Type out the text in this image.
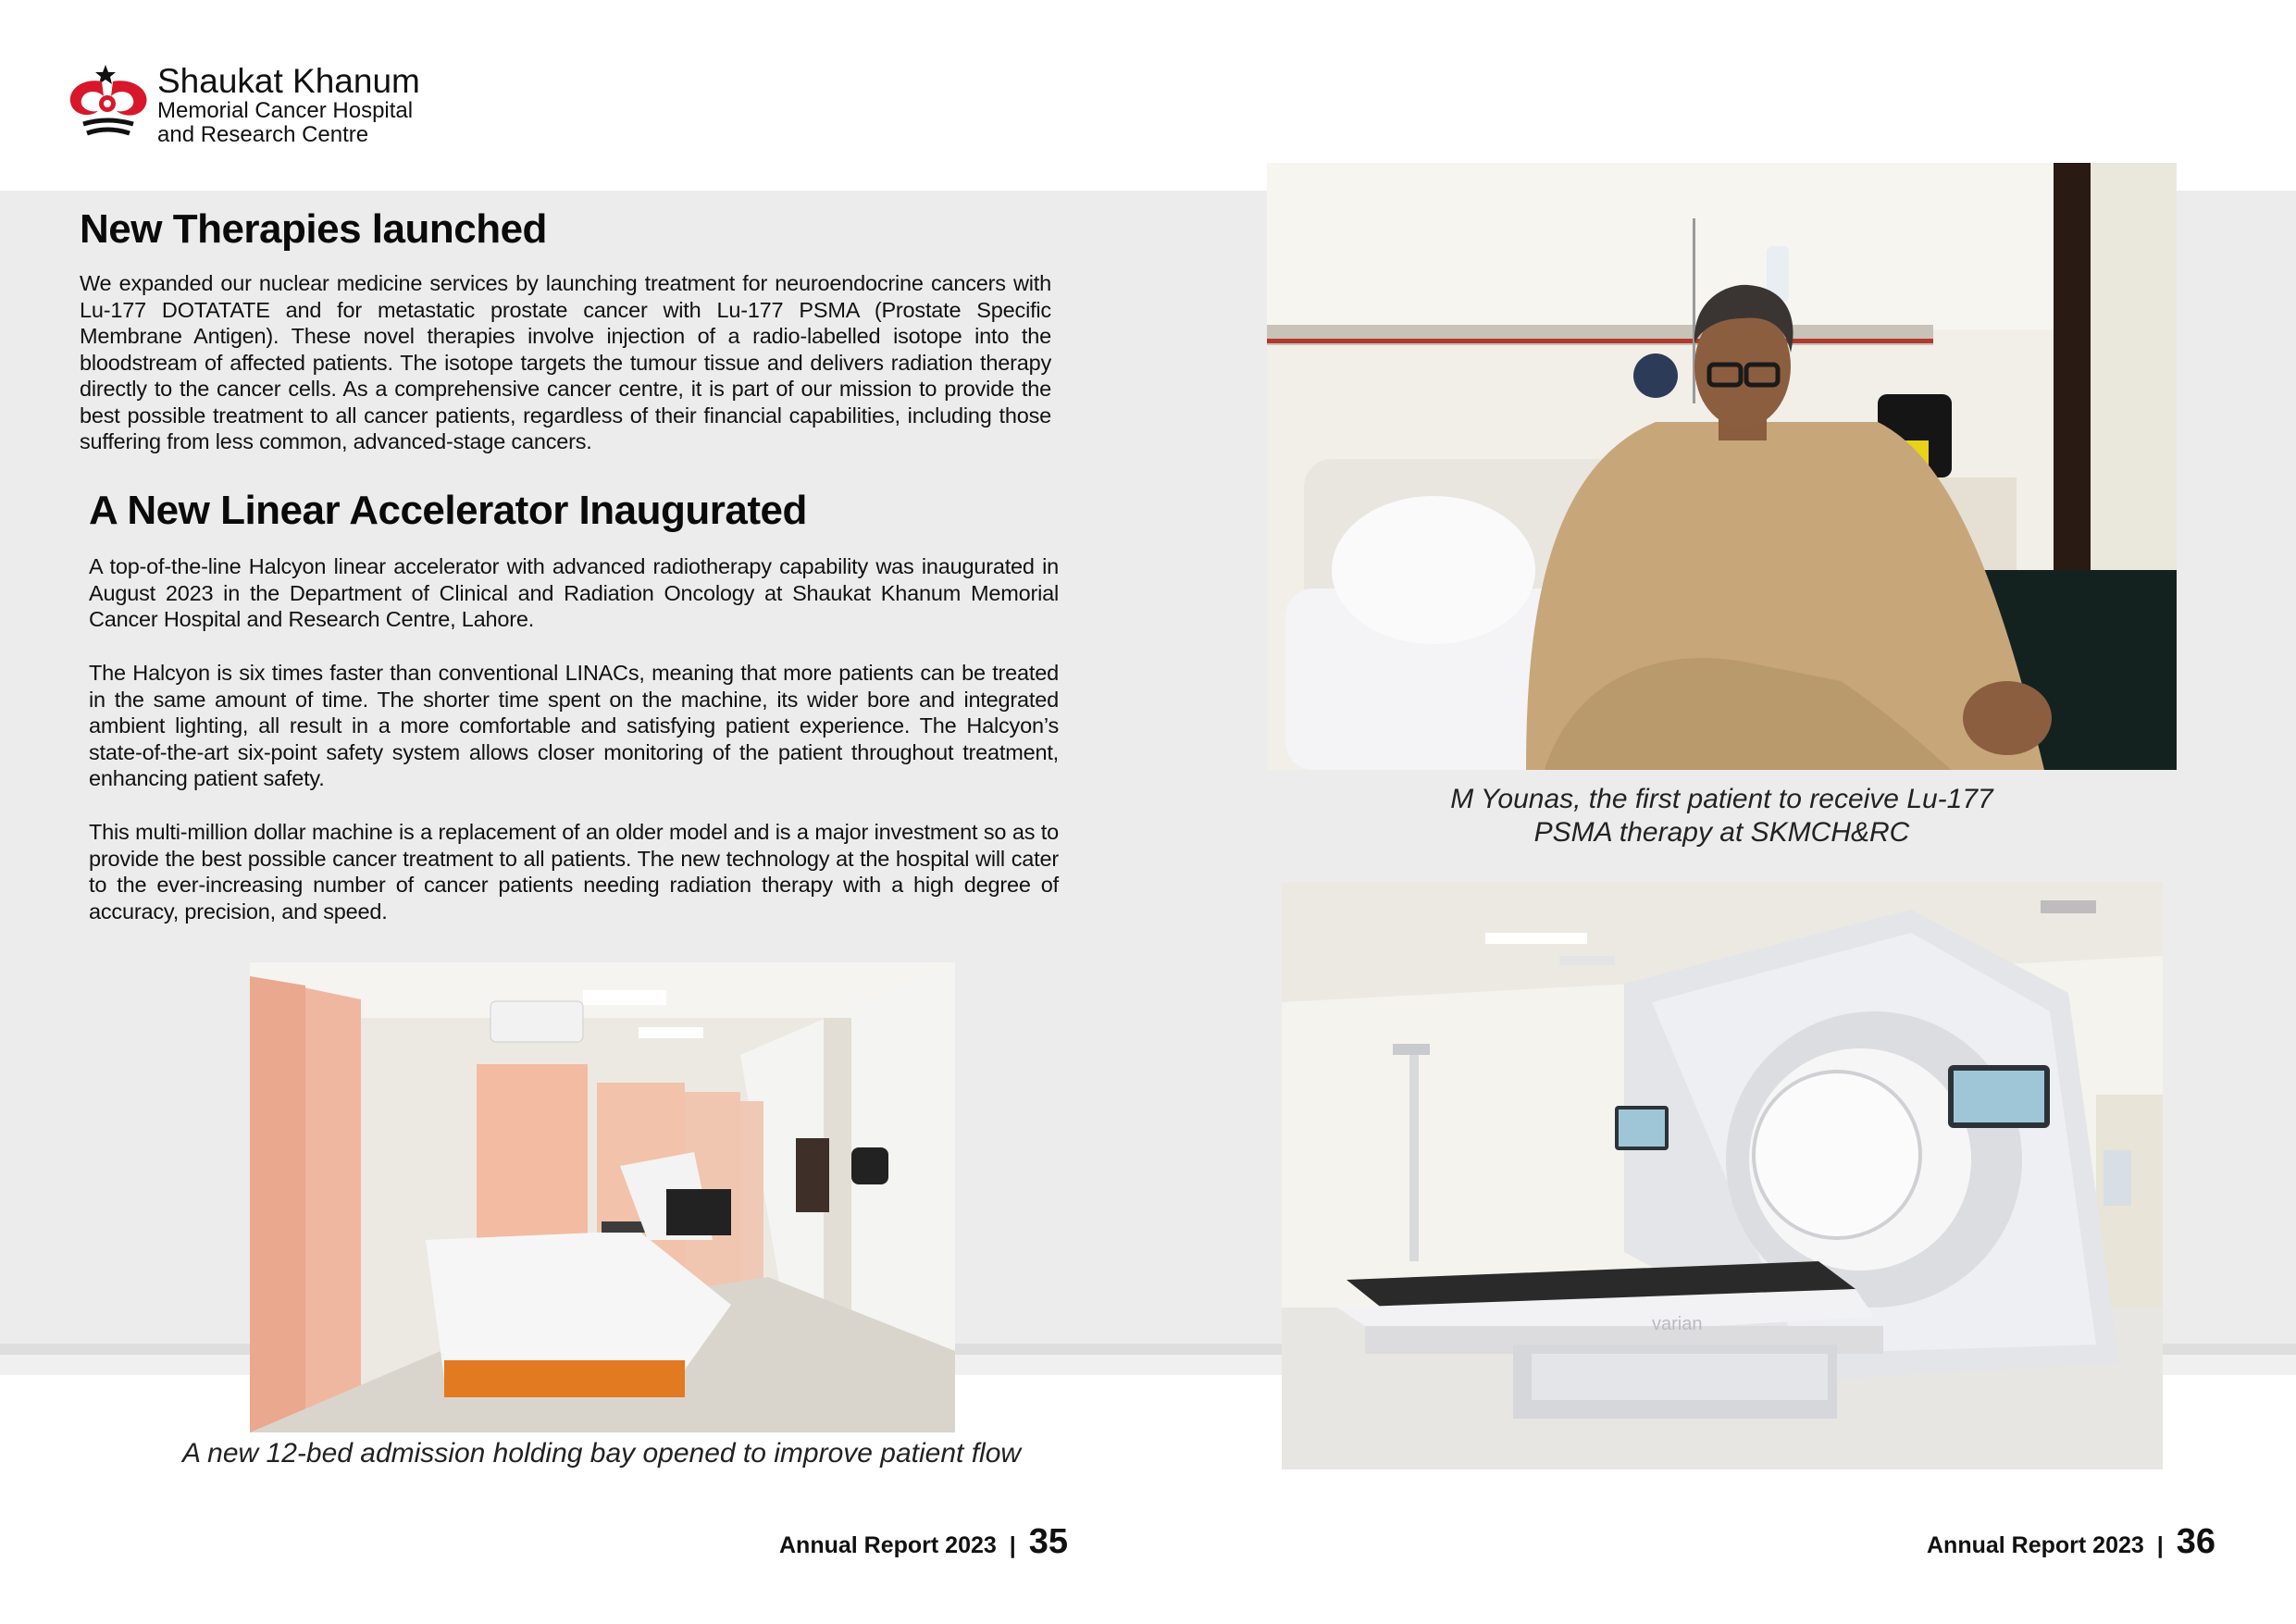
Shaukat Khanum
Memorial Cancer Hospital
and Research Centre
New Therapies launched

We expanded our nuclear medicine services by launching treatment for neuroendocrine cancers with Lu-177 DOTATATE and for metastatic prostate cancer with Lu-177 PSMA (Prostate Specific Membrane Antigen). These novel therapies involve injection of a radio-labelled isotope into the bloodstream of affected patients. The isotope targets the tumour tissue and delivers radiation therapy directly to the cancer cells. As a comprehensive cancer centre, it is part of our mission to provide the best possible treatment to all cancer patients, regardless of their financial capabilities, including those suffering from less common, advanced-stage cancers.

A New Linear Accelerator Inaugurated

A top-of-the-line Halcyon linear accelerator with advanced radiotherapy capability was inaugurated in August 2023 in the Department of Clinical and Radiation Oncology at Shaukat Khanum Memorial Cancer Hospital and Research Centre, Lahore.

The Halcyon is six times faster than conventional LINACs, meaning that more patients can be treated in the same amount of time. The shorter time spent on the machine, its wider bore and integrated ambient lighting, all result in a more comfortable and satisfying patient experience. The Halcyon’s state-of-the-art six-point safety system allows closer monitoring of the patient throughout treatment, enhancing patient safety.

This multi-million dollar machine is a replacement of an older model and is a major investment so as to provide the best possible cancer treatment to all patients. The new technology at the hospital will cater to the ever-increasing number of cancer patients needing radiation therapy with a high degree of accuracy, precision, and speed.

M Younas, the first patient to receive Lu-177
PSMA therapy at SKMCH&RC
A new 12-bed admission holding bay opened to improve patient flow
varian
Annual Report 2023 | 35	Annual Report 2023 | 36
